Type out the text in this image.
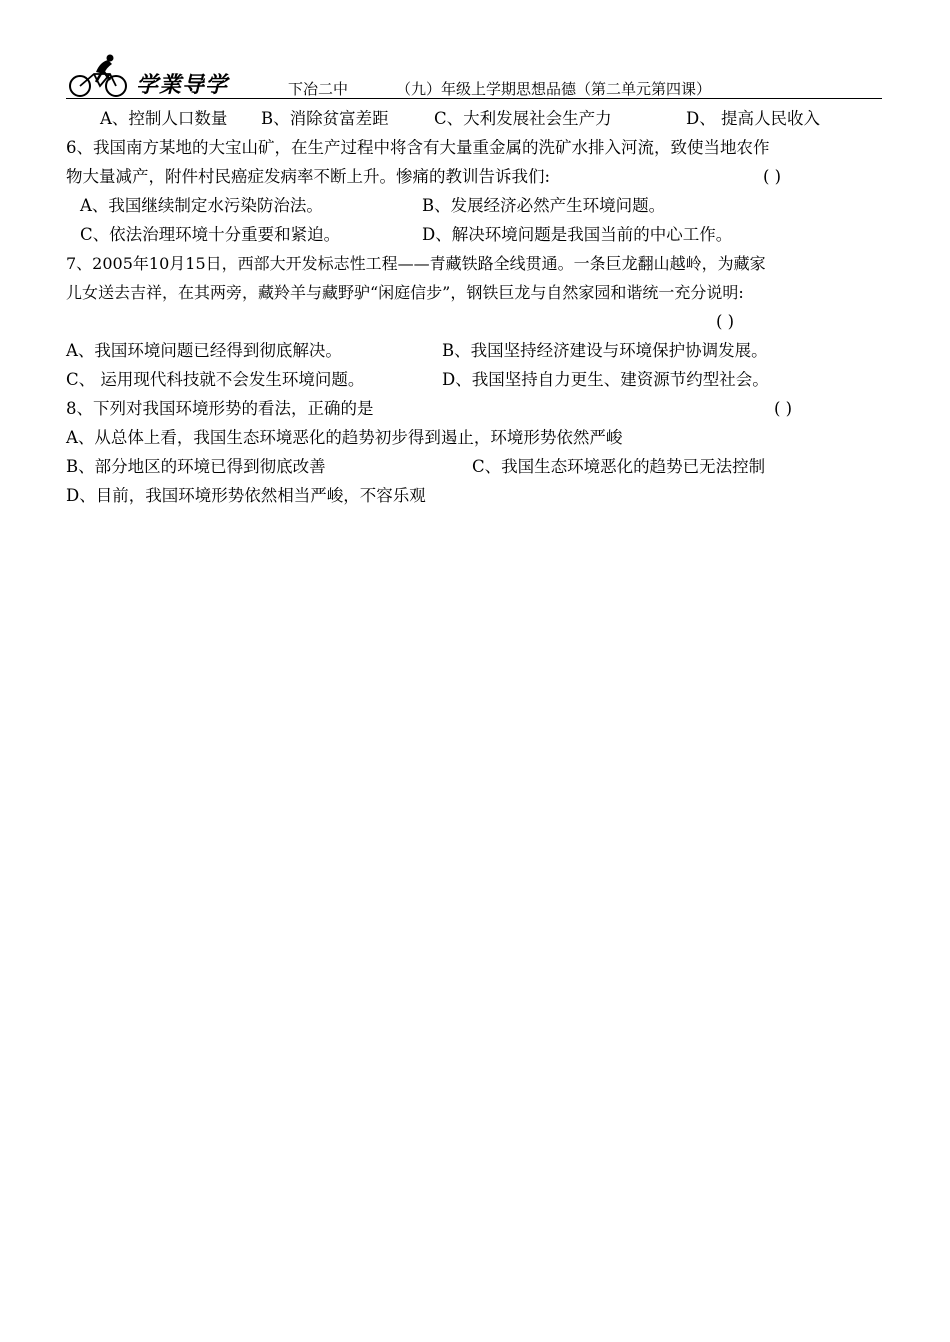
学業导学	下冶二中	（九）年级上学期思想品德（第二单元第四课）
A、控制人口数量 B、消除贫富差距	C、大利发展社会生产力	D、 提高人民收入
6、我国南方某地的大宝山矿，在生产过程中将含有大量重金属的洗矿水排入河流，致使当地农作
物大量减产，附件村民癌症发病率不断上升。惨痛的教训告诉我们:	( )
A、我国继续制定水污染防治法。	B、发展经济必然产生环境问题。
C、依法治理环境十分重要和紧迫。	D、解决环境问题是我国当前的中心工作。
7、2005年10月15日，西部大开发标志性工程——青藏铁路全线贯通。一条巨龙翻山越岭，为藏家
儿女送去吉祥，在其两旁，藏羚羊与藏野驴“闲庭信步”，钢铁巨龙与自然家园和谐统一充分说明:
( )
A、我国环境问题已经得到彻底解决。	B、我国坚持经济建设与环境保护协调发展。
C、 运用现代科技就不会发生环境问题。	D、我国坚持自力更生、建资源节约型社会。
8、下列对我国环境形势的看法，正确的是	( )
A、从总体上看，我国生态环境恶化的趋势初步得到遏止，环境形势依然严峻
B、部分地区的环境已得到彻底改善	C、我国生态环境恶化的趋势已无法控制
D、目前，我国环境形势依然相当严峻，不容乐观
